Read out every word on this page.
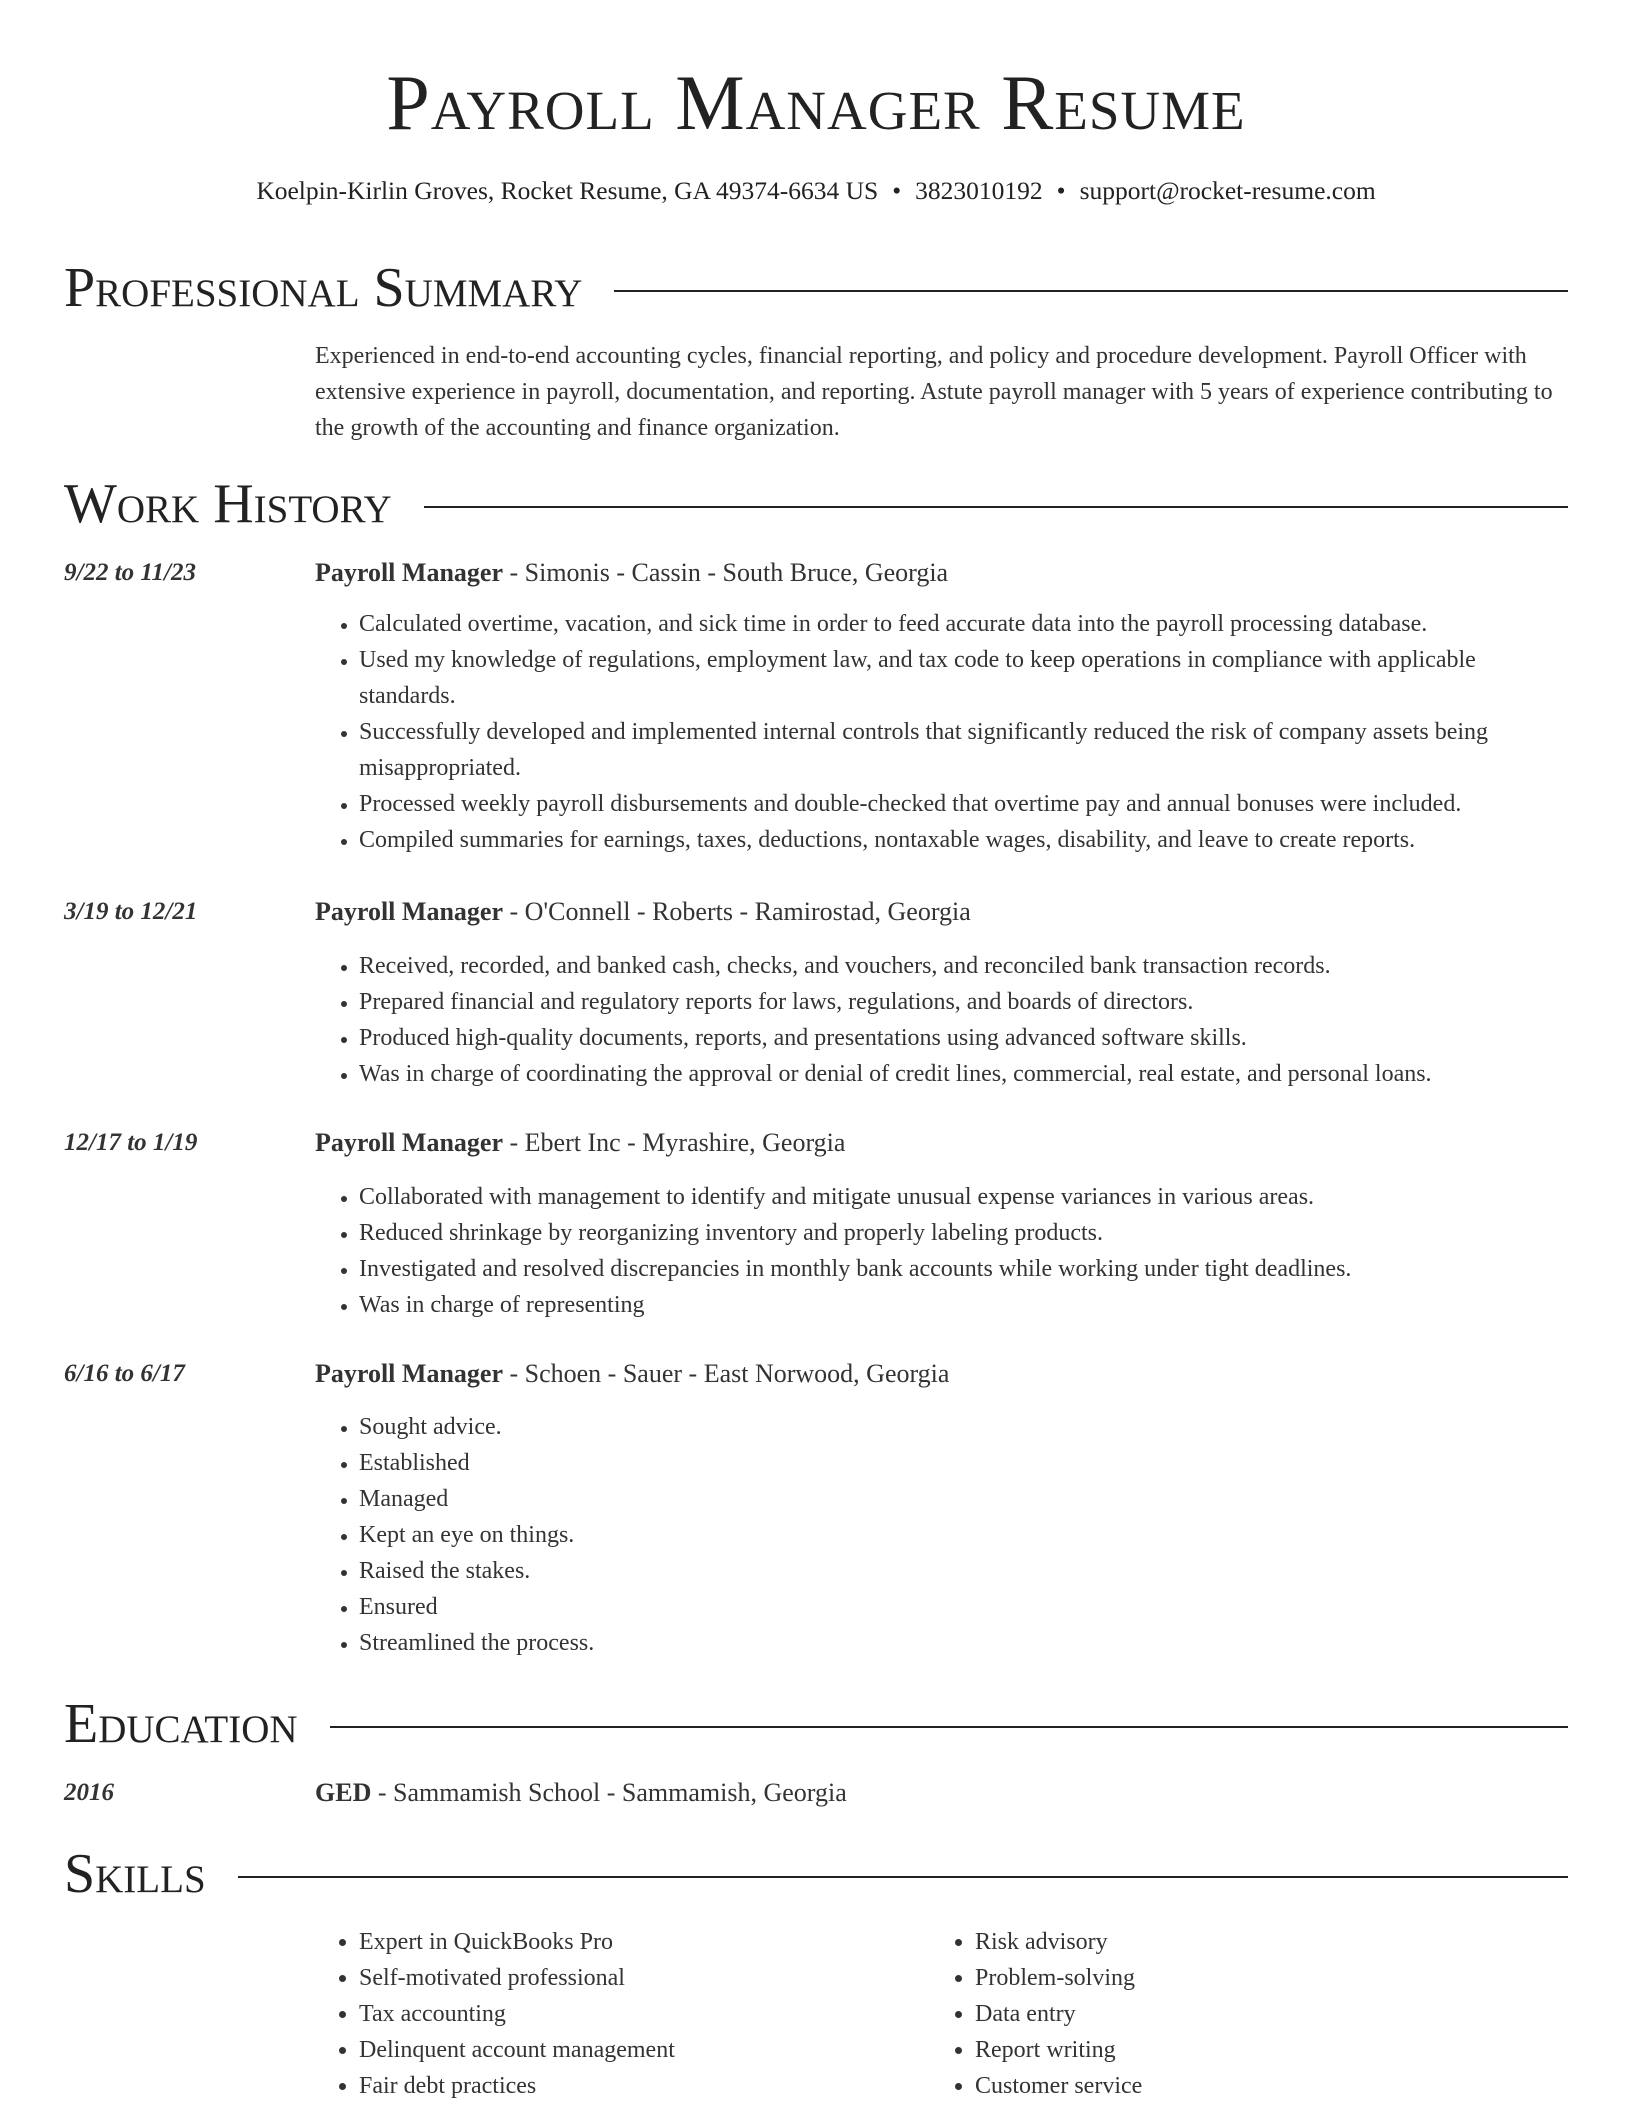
Payroll Manager Resume
Koelpin-Kirlin Groves, Rocket Resume, GA 49374-6634 US • 3823010192 • support@rocket-resume.com
Professional Summary
Experienced in end-to-end accounting cycles, financial reporting, and policy and procedure development. Payroll Officer with extensive experience in payroll, documentation, and reporting. Astute payroll manager with 5 years of experience contributing to the growth of the accounting and finance organization.
Work History
9/22 to 11/23	Payroll Manager - Simonis - Cassin - South Bruce, Georgia
• Calculated overtime, vacation, and sick time in order to feed accurate data into the payroll processing database.
• Used my knowledge of regulations, employment law, and tax code to keep operations in compliance with applicable standards.
• Successfully developed and implemented internal controls that significantly reduced the risk of company assets being misappropriated.
• Processed weekly payroll disbursements and double-checked that overtime pay and annual bonuses were included.
• Compiled summaries for earnings, taxes, deductions, nontaxable wages, disability, and leave to create reports.
3/19 to 12/21	Payroll Manager - O'Connell - Roberts - Ramirostad, Georgia
• Received, recorded, and banked cash, checks, and vouchers, and reconciled bank transaction records.
• Prepared financial and regulatory reports for laws, regulations, and boards of directors.
• Produced high-quality documents, reports, and presentations using advanced software skills.
• Was in charge of coordinating the approval or denial of credit lines, commercial, real estate, and personal loans.
12/17 to 1/19	Payroll Manager - Ebert Inc - Myrashire, Georgia
• Collaborated with management to identify and mitigate unusual expense variances in various areas.
• Reduced shrinkage by reorganizing inventory and properly labeling products.
• Investigated and resolved discrepancies in monthly bank accounts while working under tight deadlines.
• Was in charge of representing
6/16 to 6/17	Payroll Manager - Schoen - Sauer - East Norwood, Georgia
• Sought advice.
• Established
• Managed
• Kept an eye on things.
• Raised the stakes.
• Ensured
• Streamlined the process.
Education
2016	GED - Sammamish School - Sammamish, Georgia
Skills
• Expert in QuickBooks Pro
• Self-motivated professional
• Tax accounting
• Delinquent account management
• Fair debt practices
• Risk advisory
• Problem-solving
• Data entry
• Report writing
• Customer service
